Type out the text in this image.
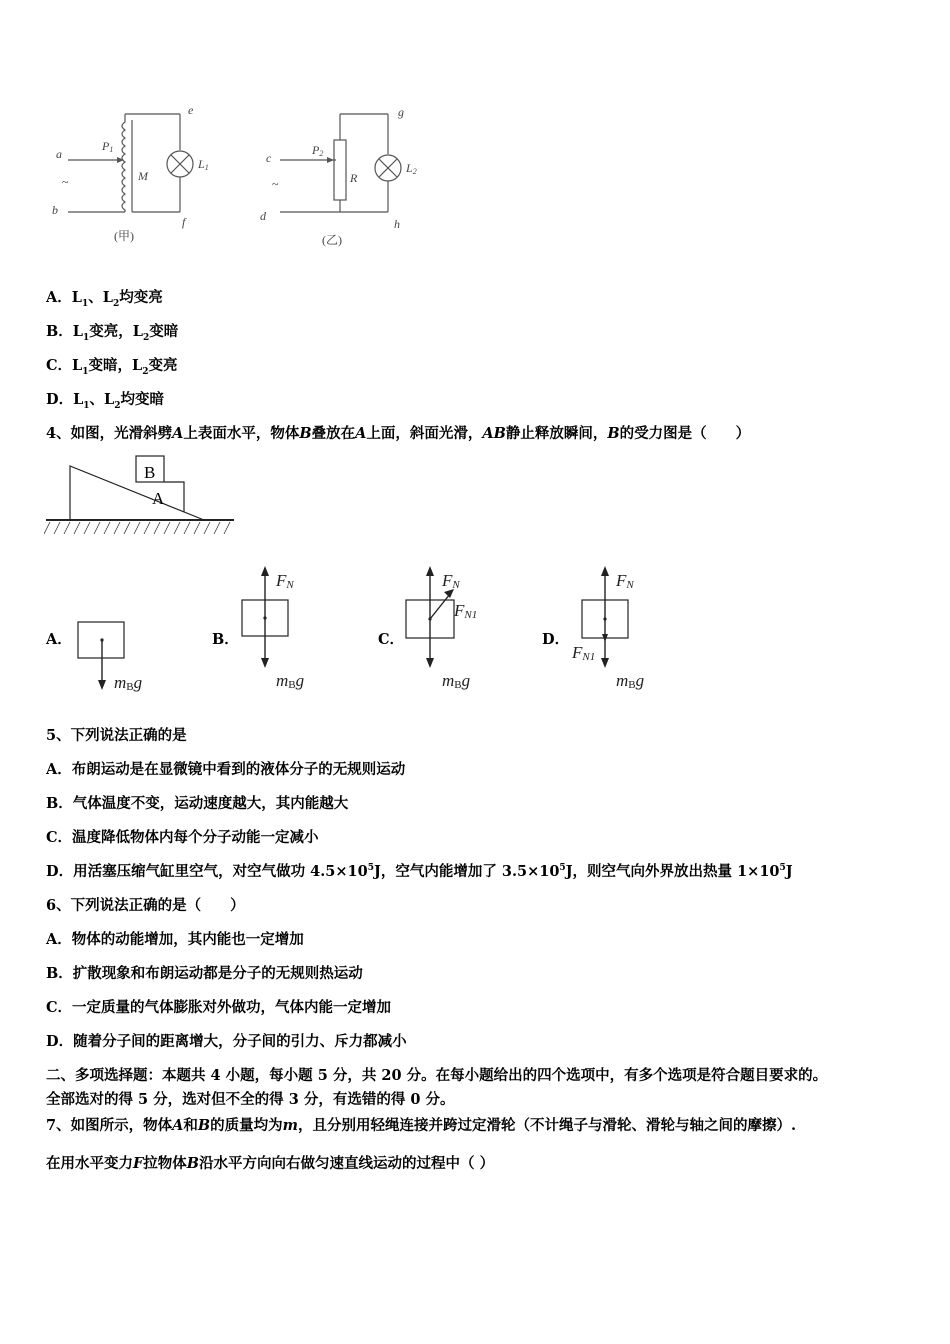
a
~
b
e
f
P1
M
L1
(甲)
c
~
d
g
h
P2
R
L2
(乙)
A．$L_1$、$L_2$均变亮
B．$L_1$变亮，$L_2$变暗
C．$L_1$变暗，$L_2$变亮
D．$L_1$、$L_2$均变暗
4、如图，光滑斜劈A上表面水平，物体B叠放在A上面，斜面光滑，AB静止释放瞬间，B的受力图是（　　）
B
A
A．
mBg
B．
FN
mBg
C．
FN
FN1
mBg
D．
FN
FN1
mBg
5、下列说法正确的是
A．布朗运动是在显微镜中看到的液体分子的无规则运动
B．气体温度不变，运动速度越大，其内能越大
C．温度降低物体内每个分子动能一定减小
D．用活塞压缩气缸里空气，对空气做功 $4.5\times 10^5J$，空气内能增加了 $3.5\times 10^5J$，则空气向外界放出热量 $1\times 10^5J$
6、下列说法正确的是（　　）
A．物体的动能增加，其内能也一定增加
B．扩散现象和布朗运动都是分子的无规则热运动
C．一定质量的气体膨胀对外做功，气体内能一定增加
D．随着分子间的距离增大，分子间的引力、斥力都减小
二、多项选择题：本题共 4 小题，每小题 5 分，共 20 分。在每小题给出的四个选项中，有多个选项是符合题目要求的。
全部选对的得 5 分，选对但不全的得 3 分，有选错的得 0 分。
7、如图所示，物体A和B的质量均为m，且分别用轻绳连接并跨过定滑轮（不计绳子与滑轮、滑轮与轴之间的摩擦）.
在用水平变力F拉物体B沿水平方向向右做匀速直线运动的过程中（ ）
